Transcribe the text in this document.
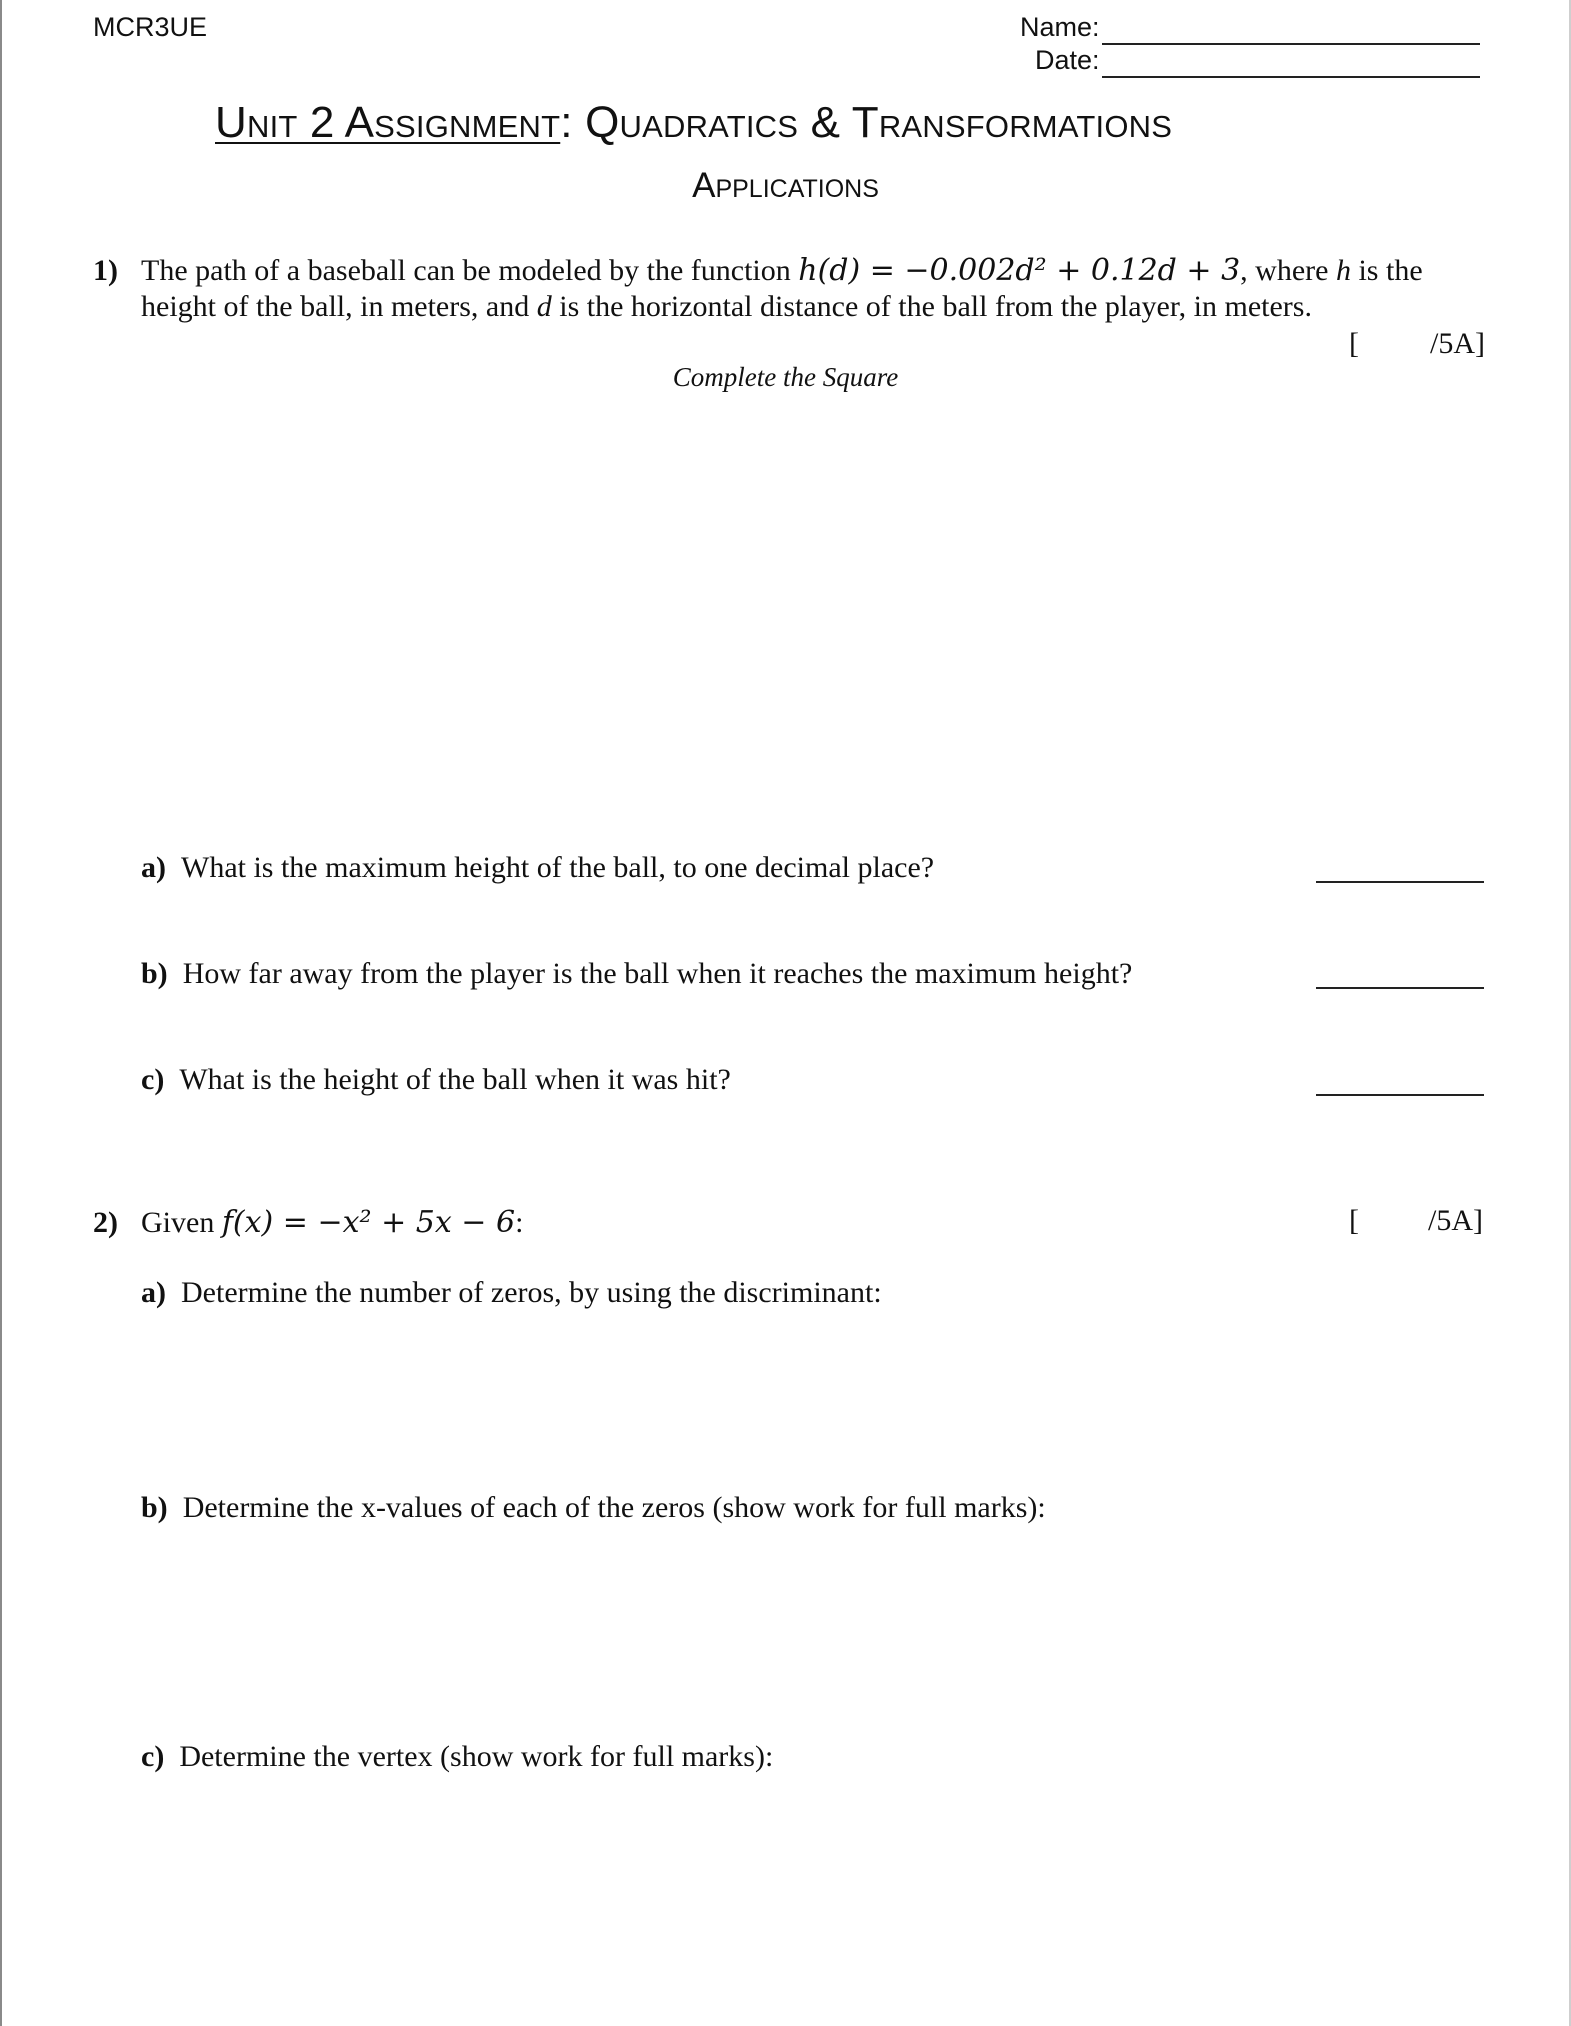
MCR3UE	Name:
Date:
Unit 2 Assignment: Quadratics & Transformations
Applications
1) The path of a baseball can be modeled by the function h(d) = −0.002d² + 0.12d + 3, where h is the
height of the ball, in meters, and d is the horizontal distance of the ball from the player, in meters.
[ /5A]
Complete the Square
a) What is the maximum height of the ball, to one decimal place?
b) How far away from the player is the ball when it reaches the maximum height?
c) What is the height of the ball when it was hit?
2) Given f(x) = −x² + 5x − 6:	[ /5A]
a) Determine the number of zeros, by using the discriminant:
b) Determine the x-values of each of the zeros (show work for full marks):
c) Determine the vertex (show work for full marks):
